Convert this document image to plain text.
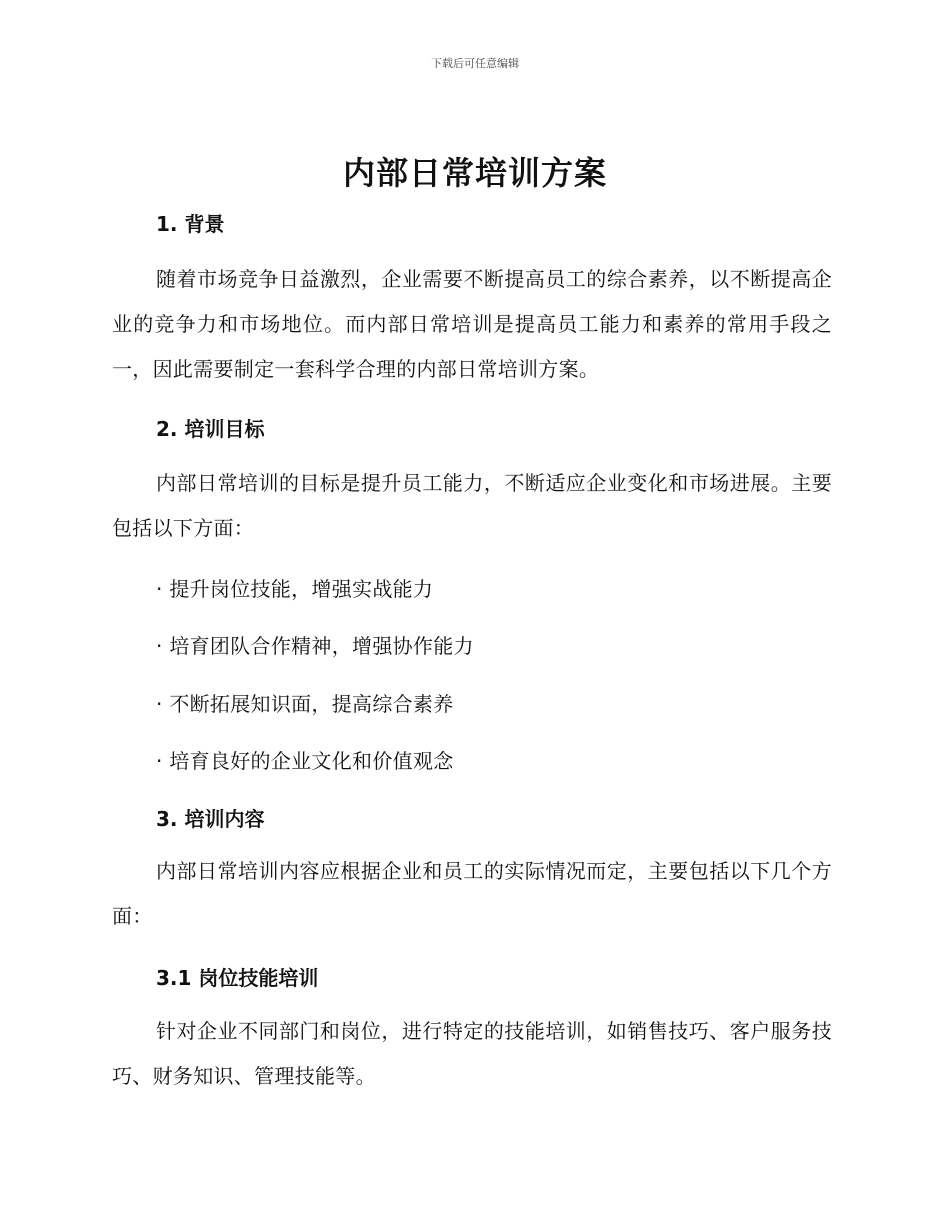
下载后可任意编辑
内部日常培训方案
1. 背景
随着市场竞争日益激烈，企业需要不断提高员工的综合素养，以不断提高企业的竞争力和市场地位。而内部日常培训是提高员工能力和素养的常用手段之一，因此需要制定一套科学合理的内部日常培训方案。
2. 培训目标
内部日常培训的目标是提升员工能力，不断适应企业变化和市场进展。主要包括以下方面：
· 提升岗位技能，增强实战能力
· 培育团队合作精神，增强协作能力
· 不断拓展知识面，提高综合素养
· 培育良好的企业文化和价值观念
3. 培训内容
内部日常培训内容应根据企业和员工的实际情况而定，主要包括以下几个方面：
3.1 岗位技能培训
针对企业不同部门和岗位，进行特定的技能培训，如销售技巧、客户服务技巧、财务知识、管理技能等。
